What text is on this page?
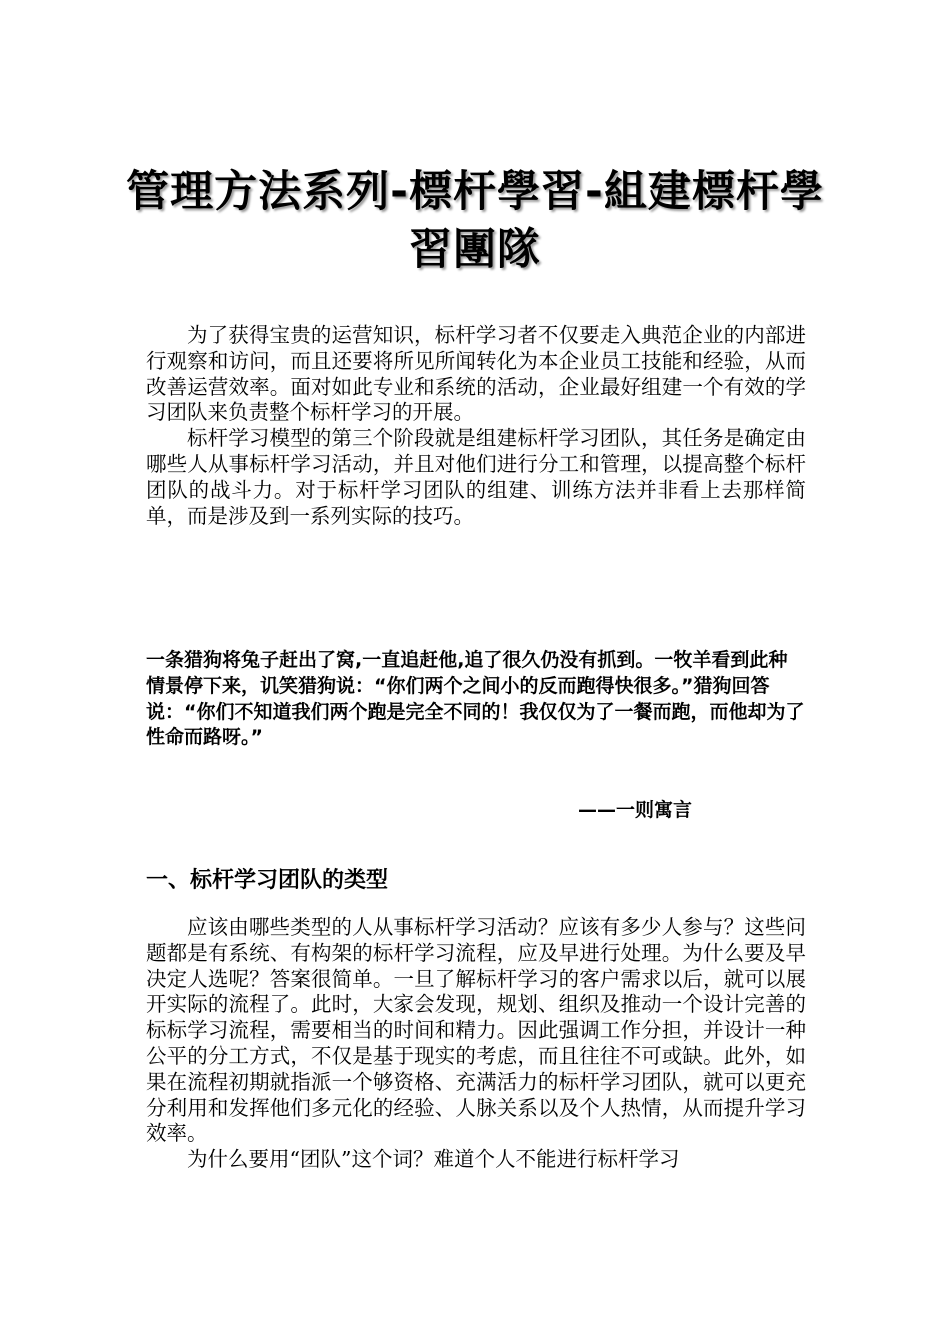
管理方法系列-標杆學習-組建標杆學習團隊

为了获得宝贵的运营知识，标杆学习者不仅要走入典范企业的内部进行观察和访问，而且还要将所见所闻转化为本企业员工技能和经验，从而改善运营效率。面对如此专业和系统的活动，企业最好组建一个有效的学习团队来负责整个标杆学习的开展。

标杆学习模型的第三个阶段就是组建标杆学习团队，其任务是确定由哪些人从事标杆学习活动，并且对他们进行分工和管理，以提高整个标杆团队的战斗力。对于标杆学习团队的组建、训练方法并非看上去那样简单，而是涉及到一系列实际的技巧。

一条猎狗将兔子赶出了窝,一直追赶他,追了很久仍没有抓到。一牧羊看到此种情景停下来，讥笑猎狗说：“你们两个之间小的反而跑得快很多。”猎狗回答说：“你们不知道我们两个跑是完全不同的！我仅仅为了一餐而跑，而他却为了性命而路呀。”

——一则寓言

一、标杆学习团队的类型

应该由哪些类型的人从事标杆学习活动？应该有多少人参与？这些问题都是有系统、有构架的标杆学习流程，应及早进行处理。为什么要及早决定人选呢？答案很简单。一旦了解标杆学习的客户需求以后，就可以展开实际的流程了。此时，大家会发现，规划、组织及推动一个设计完善的标标学习流程，需要相当的时间和精力。因此强调工作分担，并设计一种公平的分工方式，不仅是基于现实的考虑，而且往往不可或缺。此外，如果在流程初期就指派一个够资格、充满活力的标杆学习团队，就可以更充分利用和发挥他们多元化的经验、人脉关系以及个人热情，从而提升学习效率。

为什么要用“团队”这个词？难道个人不能进行标杆学习
